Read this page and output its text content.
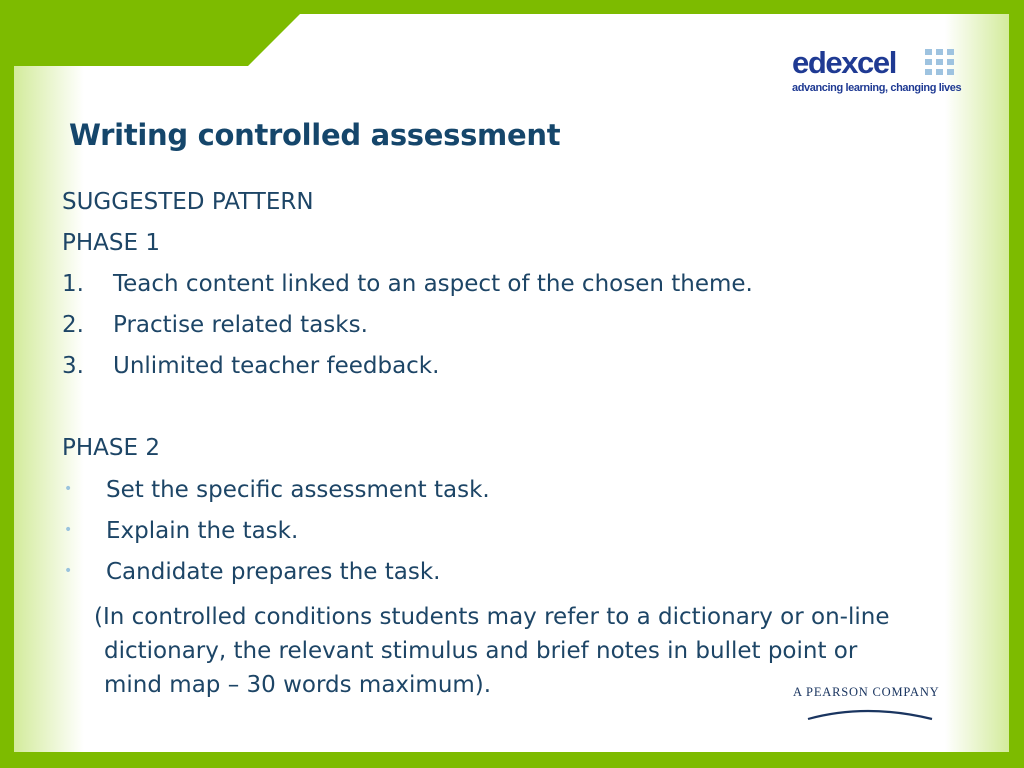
edexcel
advancing learning, changing lives
Writing controlled assessment
SUGGESTED PATTERN
PHASE 1
1. Teach content linked to an aspect of the chosen theme.
2. Practise related tasks.
3. Unlimited teacher feedback.
PHASE 2
• Set the specific assessment task.
• Explain the task.
• Candidate prepares the task.
(In controlled conditions students may refer to a dictionary or on-line
dictionary, the relevant stimulus and brief notes in bullet point or
mind map – 30 words maximum).	A PEARSON COMPANY
